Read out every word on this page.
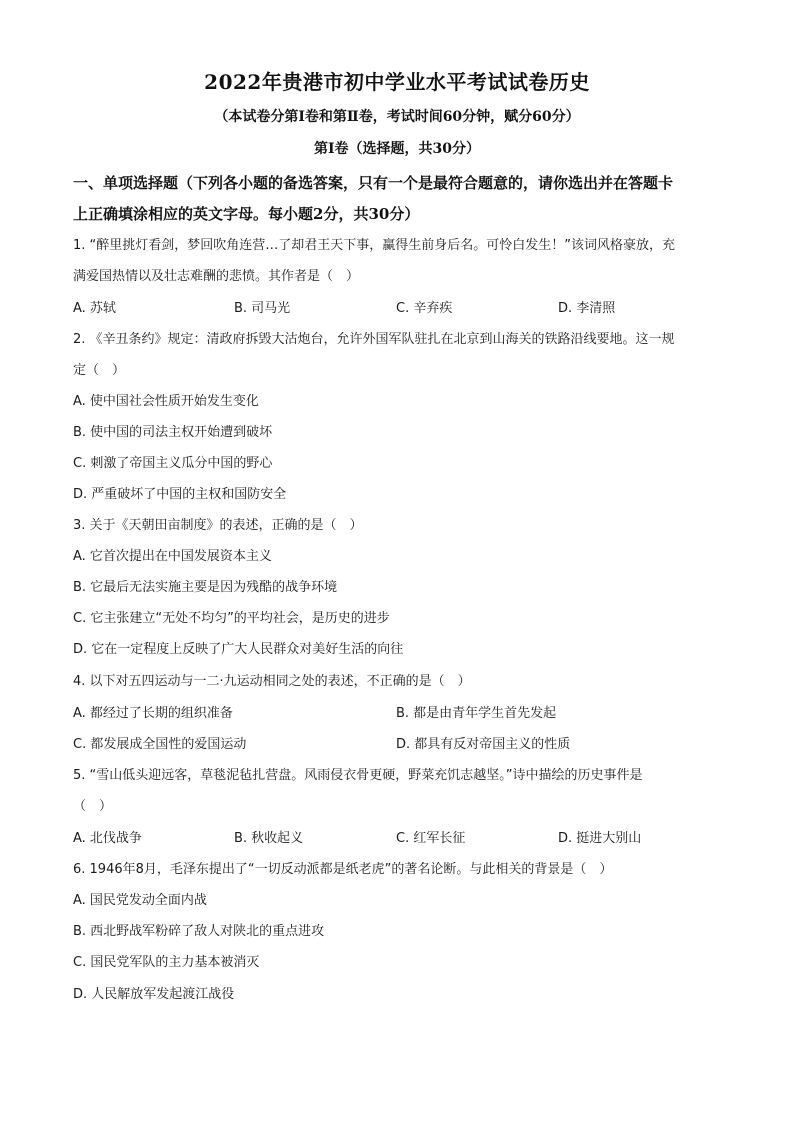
2022年贵港市初中学业水平考试试卷历史
（本试卷分第Ⅰ卷和第Ⅱ卷，考试时间60分钟，赋分60分）
第Ⅰ卷（选择题，共30分）
一、单项选择题（下列各小题的备选答案，只有一个是最符合题意的，请你选出并在答题卡
上正确填涂相应的英文字母。每小题2分，共30分）
1. “醉里挑灯看剑，梦回吹角连营…了却君王天下事，赢得生前身后名。可怜白发生！”该词风格豪放，充
满爱国热情以及壮志难酬的悲愤。其作者是（　）
A. 苏轼	B. 司马光	C. 辛弃疾	D. 李清照
2. 《辛丑条约》规定：清政府拆毁大沽炮台，允许外国军队驻扎在北京到山海关的铁路沿线要地。这一规
定（　）
A. 使中国社会性质开始发生变化
B. 使中国的司法主权开始遭到破坏
C. 刺激了帝国主义瓜分中国的野心
D. 严重破坏了中国的主权和国防安全
3. 关于《天朝田亩制度》的表述，正确的是（　）
A. 它首次提出在中国发展资本主义
B. 它最后无法实施主要是因为残酷的战争环境
C. 它主张建立“无处不均匀”的平均社会，是历史的进步
D. 它在一定程度上反映了广大人民群众对美好生活的向往
4. 以下对五四运动与一二·九运动相同之处的表述，不正确的是（　）
A. 都经过了长期的组织准备	B. 都是由青年学生首先发起
C. 都发展成全国性的爱国运动	D. 都具有反对帝国主义的性质
5. “雪山低头迎远客，草毯泥毡扎营盘。风雨侵衣骨更硬，野菜充饥志越坚。”诗中描绘的历史事件是
（　）
A. 北伐战争	B. 秋收起义	C. 红军长征	D. 挺进大别山
6. 1946年8月，毛泽东提出了“一切反动派都是纸老虎”的著名论断。与此相关的背景是（　）
A. 国民党发动全面内战
B. 西北野战军粉碎了敌人对陕北的重点进攻
C. 国民党军队的主力基本被消灭
D. 人民解放军发起渡江战役
